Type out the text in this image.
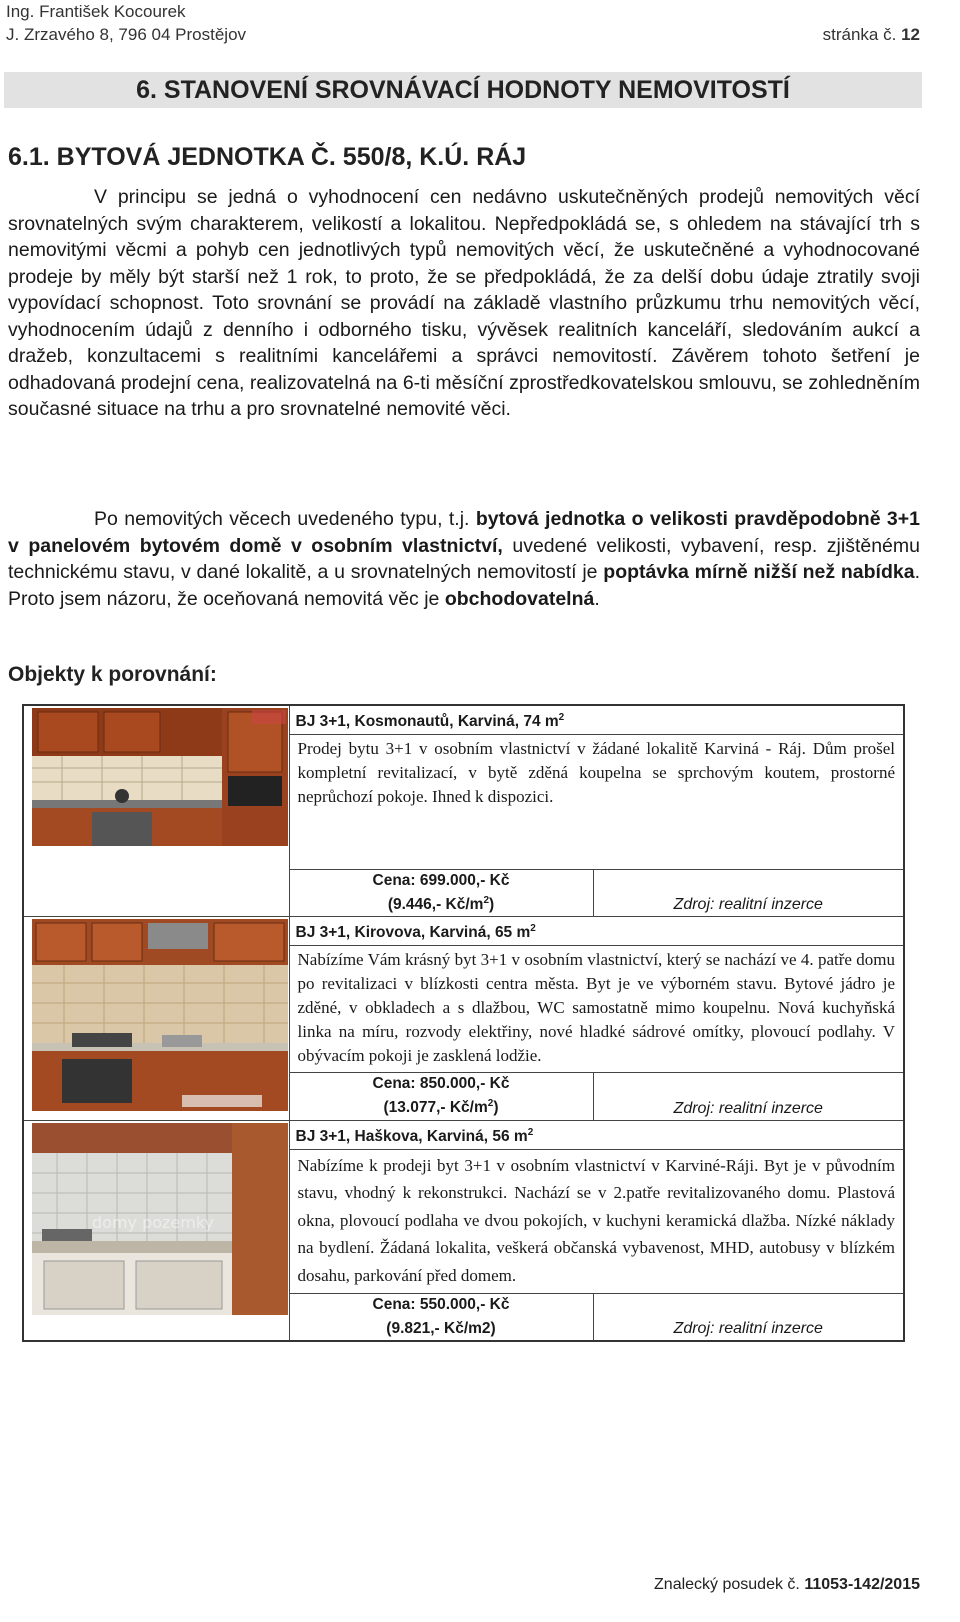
Ing. František Kocourek
J. Zrzavého 8, 796 04 Prostějov	stránka č. 12
6. STANOVENÍ SROVNÁVACÍ HODNOTY NEMOVITOSTÍ
6.1. BYTOVÁ JEDNOTKA Č. 550/8, K.Ú. RÁJ

V principu se jedná o vyhodnocení cen nedávno uskutečněných prodejů nemovitých věcí srovnatelných svým charakterem, velikostí a lokalitou. Nepředpokládá se, s ohledem na stávající trh s nemovitými věcmi a pohyb cen jednotlivých typů nemovitých věcí, že uskutečněné a vyhodnocované prodeje by měly být starší než 1 rok, to proto, že se předpokládá, že za delší dobu údaje ztratily svoji vypovídací schopnost. Toto srovnání se provádí na základě vlastního průzkumu trhu nemovitých věcí, vyhodnocením údajů z denního i odborného tisku, vývěsek realitních kanceláří, sledováním aukcí a dražeb, konzultacemi s realitními kancelářemi a správci nemovitostí. Závěrem tohoto šetření je odhadovaná prodejní cena, realizovatelná na 6-ti měsíční zprostředkovatelskou smlouvu, se zohledněním současné situace na trhu a pro srovnatelné nemovité věci.

Po nemovitých věcech uvedeného typu, t.j. bytová jednotka o velikosti pravděpodobně 3+1 v panelovém bytovém domě v osobním vlastnictví, uvedené velikosti, vybavení, resp. zjištěnému technickému stavu, v dané lokalitě, a u srovnatelných nemovitostí je poptávka mírně nižší než nabídka. Proto jsem názoru, že oceňovaná nemovitá věc je obchodovatelná.

Objekty k porovnání:
	BJ 3+1, Kosmonautů, Karviná, 74 $m^2$
	Prodej bytu 3+1 v osobním vlastnictví v žádané lokalitě Karviná - Ráj. Dům prošel kompletní revitalizací, v bytě zděná koupelna se sprchovým koutem, prostorné neprůchozí pokoje. Ihned k dispozici.	

	Cena: 699.000,- Kč
(9.446,- $Kč/m^2$)	Zdroj: realitní inzerce

	BJ 3+1, Kirovova, Karviná, 65 $m^2$
	Nabízíme Vám krásný byt 3+1 v osobním vlastnictví, který se nachází ve 4. patře domu po revitalizaci v blízkosti centra města. Byt je ve výborném stavu. Bytové jádro je zděné, v obkladech a s dlažbou, WC samostatně mimo koupelnu. Nová kuchyňská linka na míru, rozvody elektřiny, nové hladké sádrové omítky, plovoucí podlahy. V obývacím pokoji je zasklená lodžie.	

	Cena: 850.000,- Kč
(13.077,- $Kč/m^2$)	Zdroj: realitní inzerce

domy pozemky	BJ 3+1, Haškova, Karviná, 56 $m^2$
	Nabízíme k prodeji byt 3+1 v osobním vlastnictví v Karviné-Ráji. Byt je v původním stavu, vhodný k rekonstrukci. Nachází se v 2.patře revitalizovaného domu. Plastová okna, plovoucí podlaha ve dvou pokojích, v kuchyni keramická dlažba. Nízké náklady na bydlení. Žádaná lokalita, veškerá občanská vybavenost, MHD, autobusy v blízkém dosahu, parkování před domem.	

	Cena: 550.000,- Kč
(9.821,- Kč/m2)	Zdroj: realitní inzerce
Znalecký posudek č. 11053-142/2015
